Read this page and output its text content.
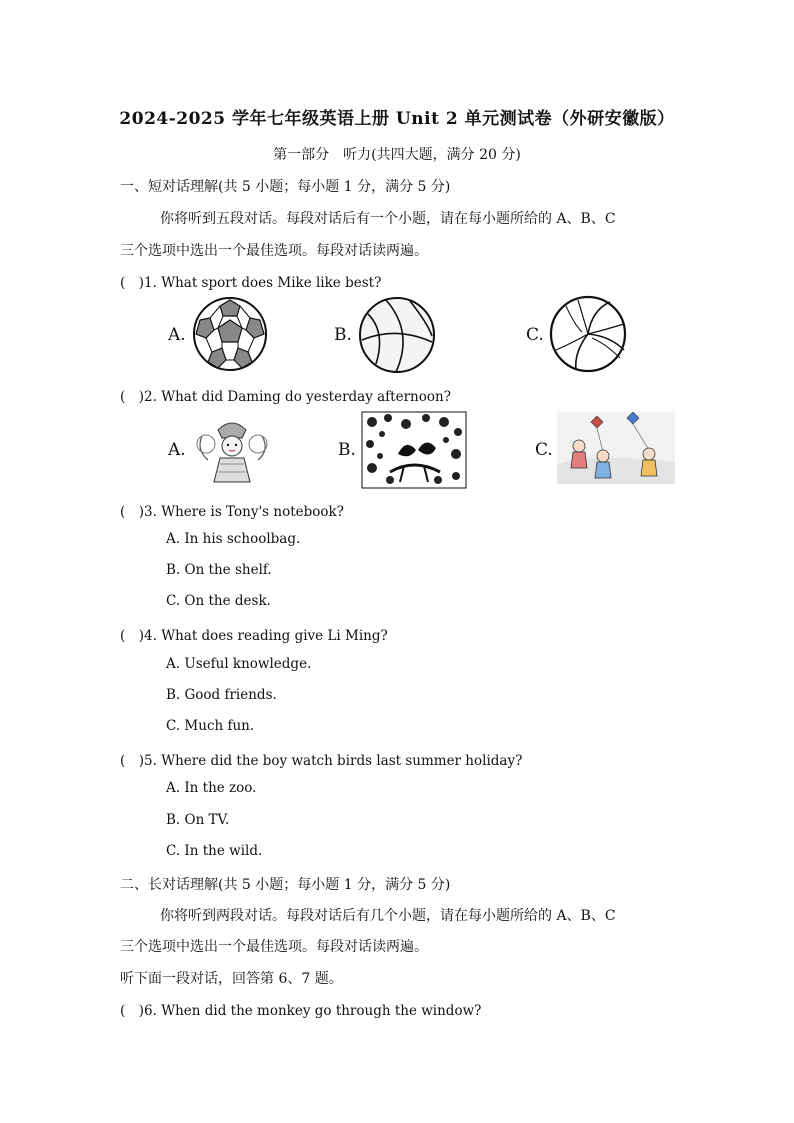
2024-2025 学年七年级英语上册 Unit 2 单元测试卷（外研安徽版）
第一部分　听力(共四大题，满分 20 分)
一、短对话理解(共 5 小题；每小题 1 分，满分 5 分)
你将听到五段对话。每段对话后有一个小题，请在每小题所给的 A、B、C
三个选项中选出一个最佳选项。每段对话读两遍。
(　)1. What sport does Mike like best?
A.	B.	C.
(　)2. What did Daming do yesterday afternoon?
A.	B.	C.
(　)3. Where is Tony's notebook?
A. In his schoolbag.
B. On the shelf.
C. On the desk.
(　)4. What does reading give Li Ming?
A. Useful knowledge.
B. Good friends.
C. Much fun.
(　)5. Where did the boy watch birds last summer holiday?
A. In the zoo.
B. On TV.
C. In the wild.
二、长对话理解(共 5 小题；每小题 1 分，满分 5 分)
你将听到两段对话。每段对话后有几个小题，请在每小题所给的 A、B、C
三个选项中选出一个最佳选项。每段对话读两遍。
听下面一段对话，回答第 6、7 题。
(　)6. When did the monkey go through the window?
